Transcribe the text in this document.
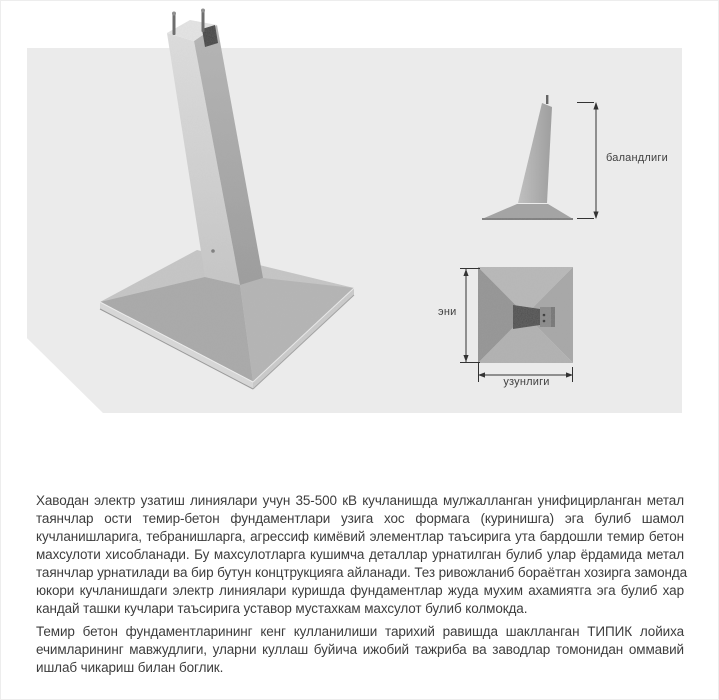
баландлиги
эни
узунлиги
Хаводан электр узатиш линиялари учун 35-500 кВ кучланишда мулжалланган унифицирланган метал
таянчлар ости темир-бетон фундаментлари узига хос формага (куринишга) эга булиб шамол
кучланишларига, тебранишларга, агрессиф кимёвий элементлар таъсирига ута бардошли темир бетон
махсулоти хисобланади. Бу махсулотларга кушимча деталлар урнатилган булиб улар ёрдамида метал
таянчлар урнатилади ва бир бутун концтрукцияга айланади. Тез ривожланиб бораётган хозирга замонда
юкори кучланишдаги электр линиялари куришда фундаментлар жуда мухим ахамиятга эга булиб хар
кандай ташки кучлари таъсирига уставор мустахкам махсулот булиб колмокда.
Темир бетон фундаментларининг кенг кулланилиши тарихий равишда шаклланган ТИПИК лойиха
ечимларининг мавжудлиги, уларни куллаш буйича ижобий тажриба ва заводлар томонидан оммавий
ишлаб чикариш билан боглик.
